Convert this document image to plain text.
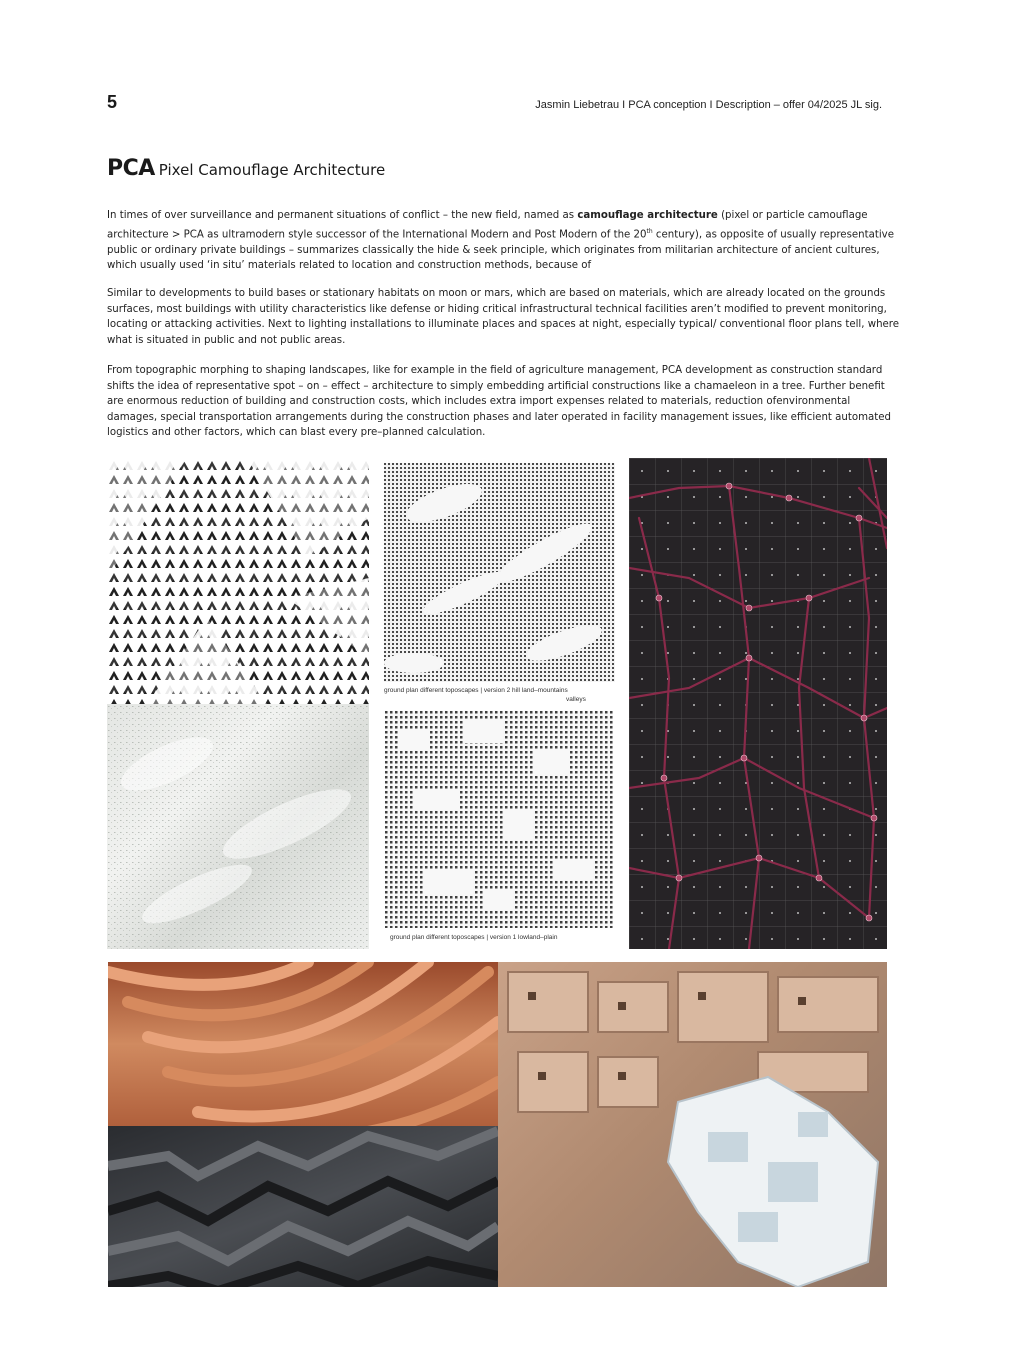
5	Jasmin Liebetrau I PCA conception I Description – offer 04/2025 JL sig.
PCA Pixel Camouflage Architecture
In times of over surveillance and permanent situations of conflict – the new field, named as camouflage architecture (pixel or particle camouflage architecture > PCA as ultramodern style successor of the International Modern and Post Modern of the 20th century), as opposite of usually representative public or ordinary private buildings – summarizes classically the hide & seek principle, which originates from militarian architecture of ancient cultures, which usually used ‘in situ’ materials related to location and construction methods, because of
Similar to developments to build bases or stationary habitats on moon or mars, which are based on materials, which are already located on the grounds surfaces, most buildings with utility characteristics like defense or hiding critical infrastructural technical facilities aren’t modified to prevent monitoring, locating or attacking activities. Next to lighting installations to illuminate places and spaces at night, especially typical/ conventional floor plans tell, where what is situated in public and not public areas.
From topographic morphing to shaping landscapes, like for example in the field of agriculture management, PCA development as construction standard shifts the idea of representative spot – on – effect – architecture to simply embedding artificial constructions like a chamaeleon in a tree. Further benefit are enormous reduction of building and construction costs, which includes extra import expenses related to materials, reduction ofenvironmental damages, special transportation arrangements during the construction phases and later operated in facility management issues, like efficient automated logistics and other factors, which can blast every pre–planned calculation.
ground plan different toposcapes | version 2 hill land–mountains
valleys
ground plan different toposcapes | version 1 lowland–plain
